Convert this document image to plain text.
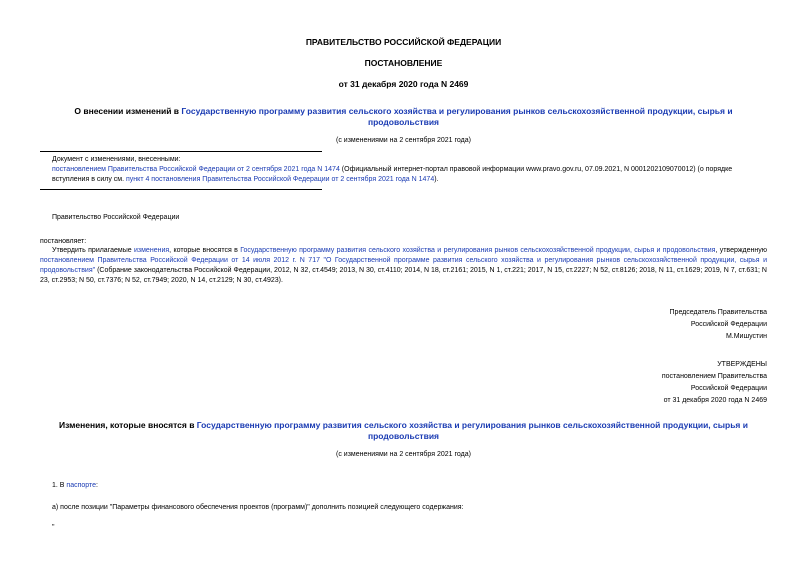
ПРАВИТЕЛЬСТВО РОССИЙСКОЙ ФЕДЕРАЦИИ
ПОСТАНОВЛЕНИЕ
от 31 декабря 2020 года N 2469
О внесении изменений в Государственную программу развития сельского хозяйства и регулирования рынков сельскохозяйственной продукции, сырья и продовольствия
(с изменениями на 2 сентября 2021 года)

Документ с изменениями, внесенными:

постановлением Правительства Российской Федерации от 2 сентября 2021 года N 1474 (Официальный интернет-портал правовой информации www.pravo.gov.ru, 07.09.2021, N 0001202109070012) (о порядке вступления в силу см. пункт 4 постановления Правительства Российской Федерации от 2 сентября 2021 года N 1474).

Правительство Российской Федерации
постановляет:
Утвердить прилагаемые изменения, которые вносятся в Государственную программу развития сельского хозяйства и регулирования рынков сельскохозяйственной продукции, сырья и продовольствия, утвержденную постановлением Правительства Российской Федерации от 14 июля 2012 г. N 717 "О Государственной программе развития сельского хозяйства и регулирования рынков сельскохозяйственной продукции, сырья и продовольствия" (Собрание законодательства Российской Федерации, 2012, N 32, ст.4549; 2013, N 30, ст.4110; 2014, N 18, ст.2161; 2015, N 1, ст.221; 2017, N 15, ст.2227; N 52, ст.8126; 2018, N 11, ст.1629; 2019, N 7, ст.631; N 23, ст.2953; N 50, ст.7376; N 52, ст.7949; 2020, N 14, ст.2129; N 30, ст.4923).

Председатель Правительства

Российской Федерации

М.Мишустин

УТВЕРЖДЕНЫ

постановлением Правительства

Российской Федерации

от 31 декабря 2020 года N 2469

Изменения, которые вносятся в Государственную программу развития сельского хозяйства и регулирования рынков сельскохозяйственной продукции, сырья и продовольствия
(с изменениями на 2 сентября 2021 года)
1. В паспорте:
а) после позиции "Параметры финансового обеспечения проектов (программ)" дополнить позицией следующего содержания:
"
